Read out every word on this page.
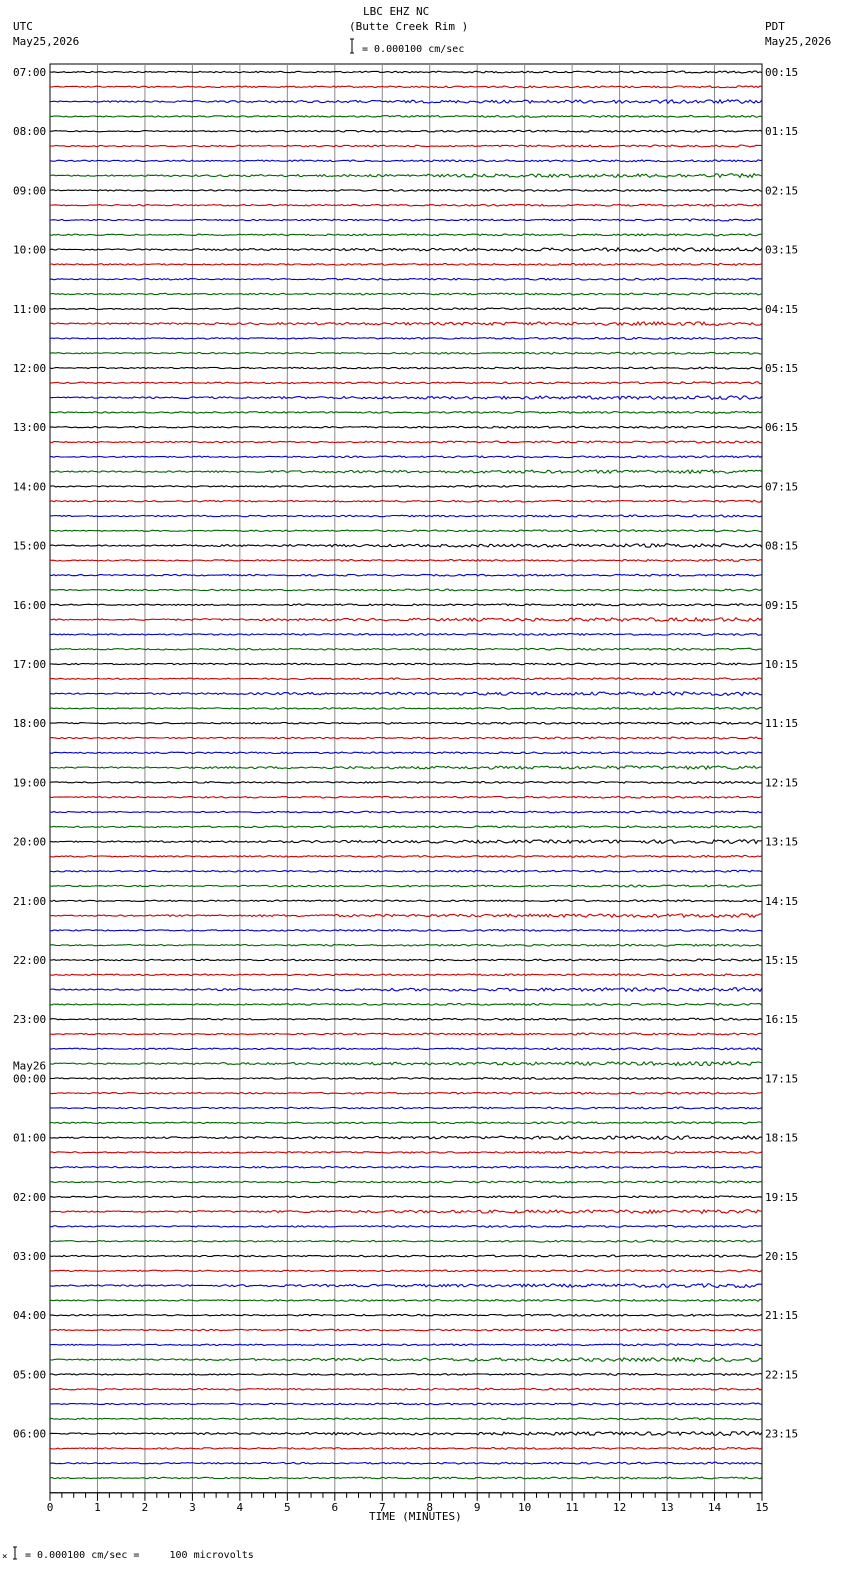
07:00
08:00
09:00
10:00
11:00
12:00
13:00
14:00
15:00
16:00
17:00
18:00
19:00
20:00
21:00
22:00
23:00
00:00
May26
01:00
02:00
03:00
04:00
05:00
06:00
00:15
01:15
02:15
03:15
04:15
05:15
06:15
07:15
08:15
09:15
10:15
11:15
12:15
13:15
14:15
15:15
16:15
17:15
18:15
19:15
20:15
21:15
22:15
23:15
0	1	2	3	4	5	6	7	8	9	10	11	12	13	14	15
×
LBC EHZ NC
(Butte Creek Rim )
UTC
May25,2026
PDT
May25,2026
= 0.000100 cm/sec
TIME (MINUTES)
= 0.000100 cm/sec =     100 microvolts
